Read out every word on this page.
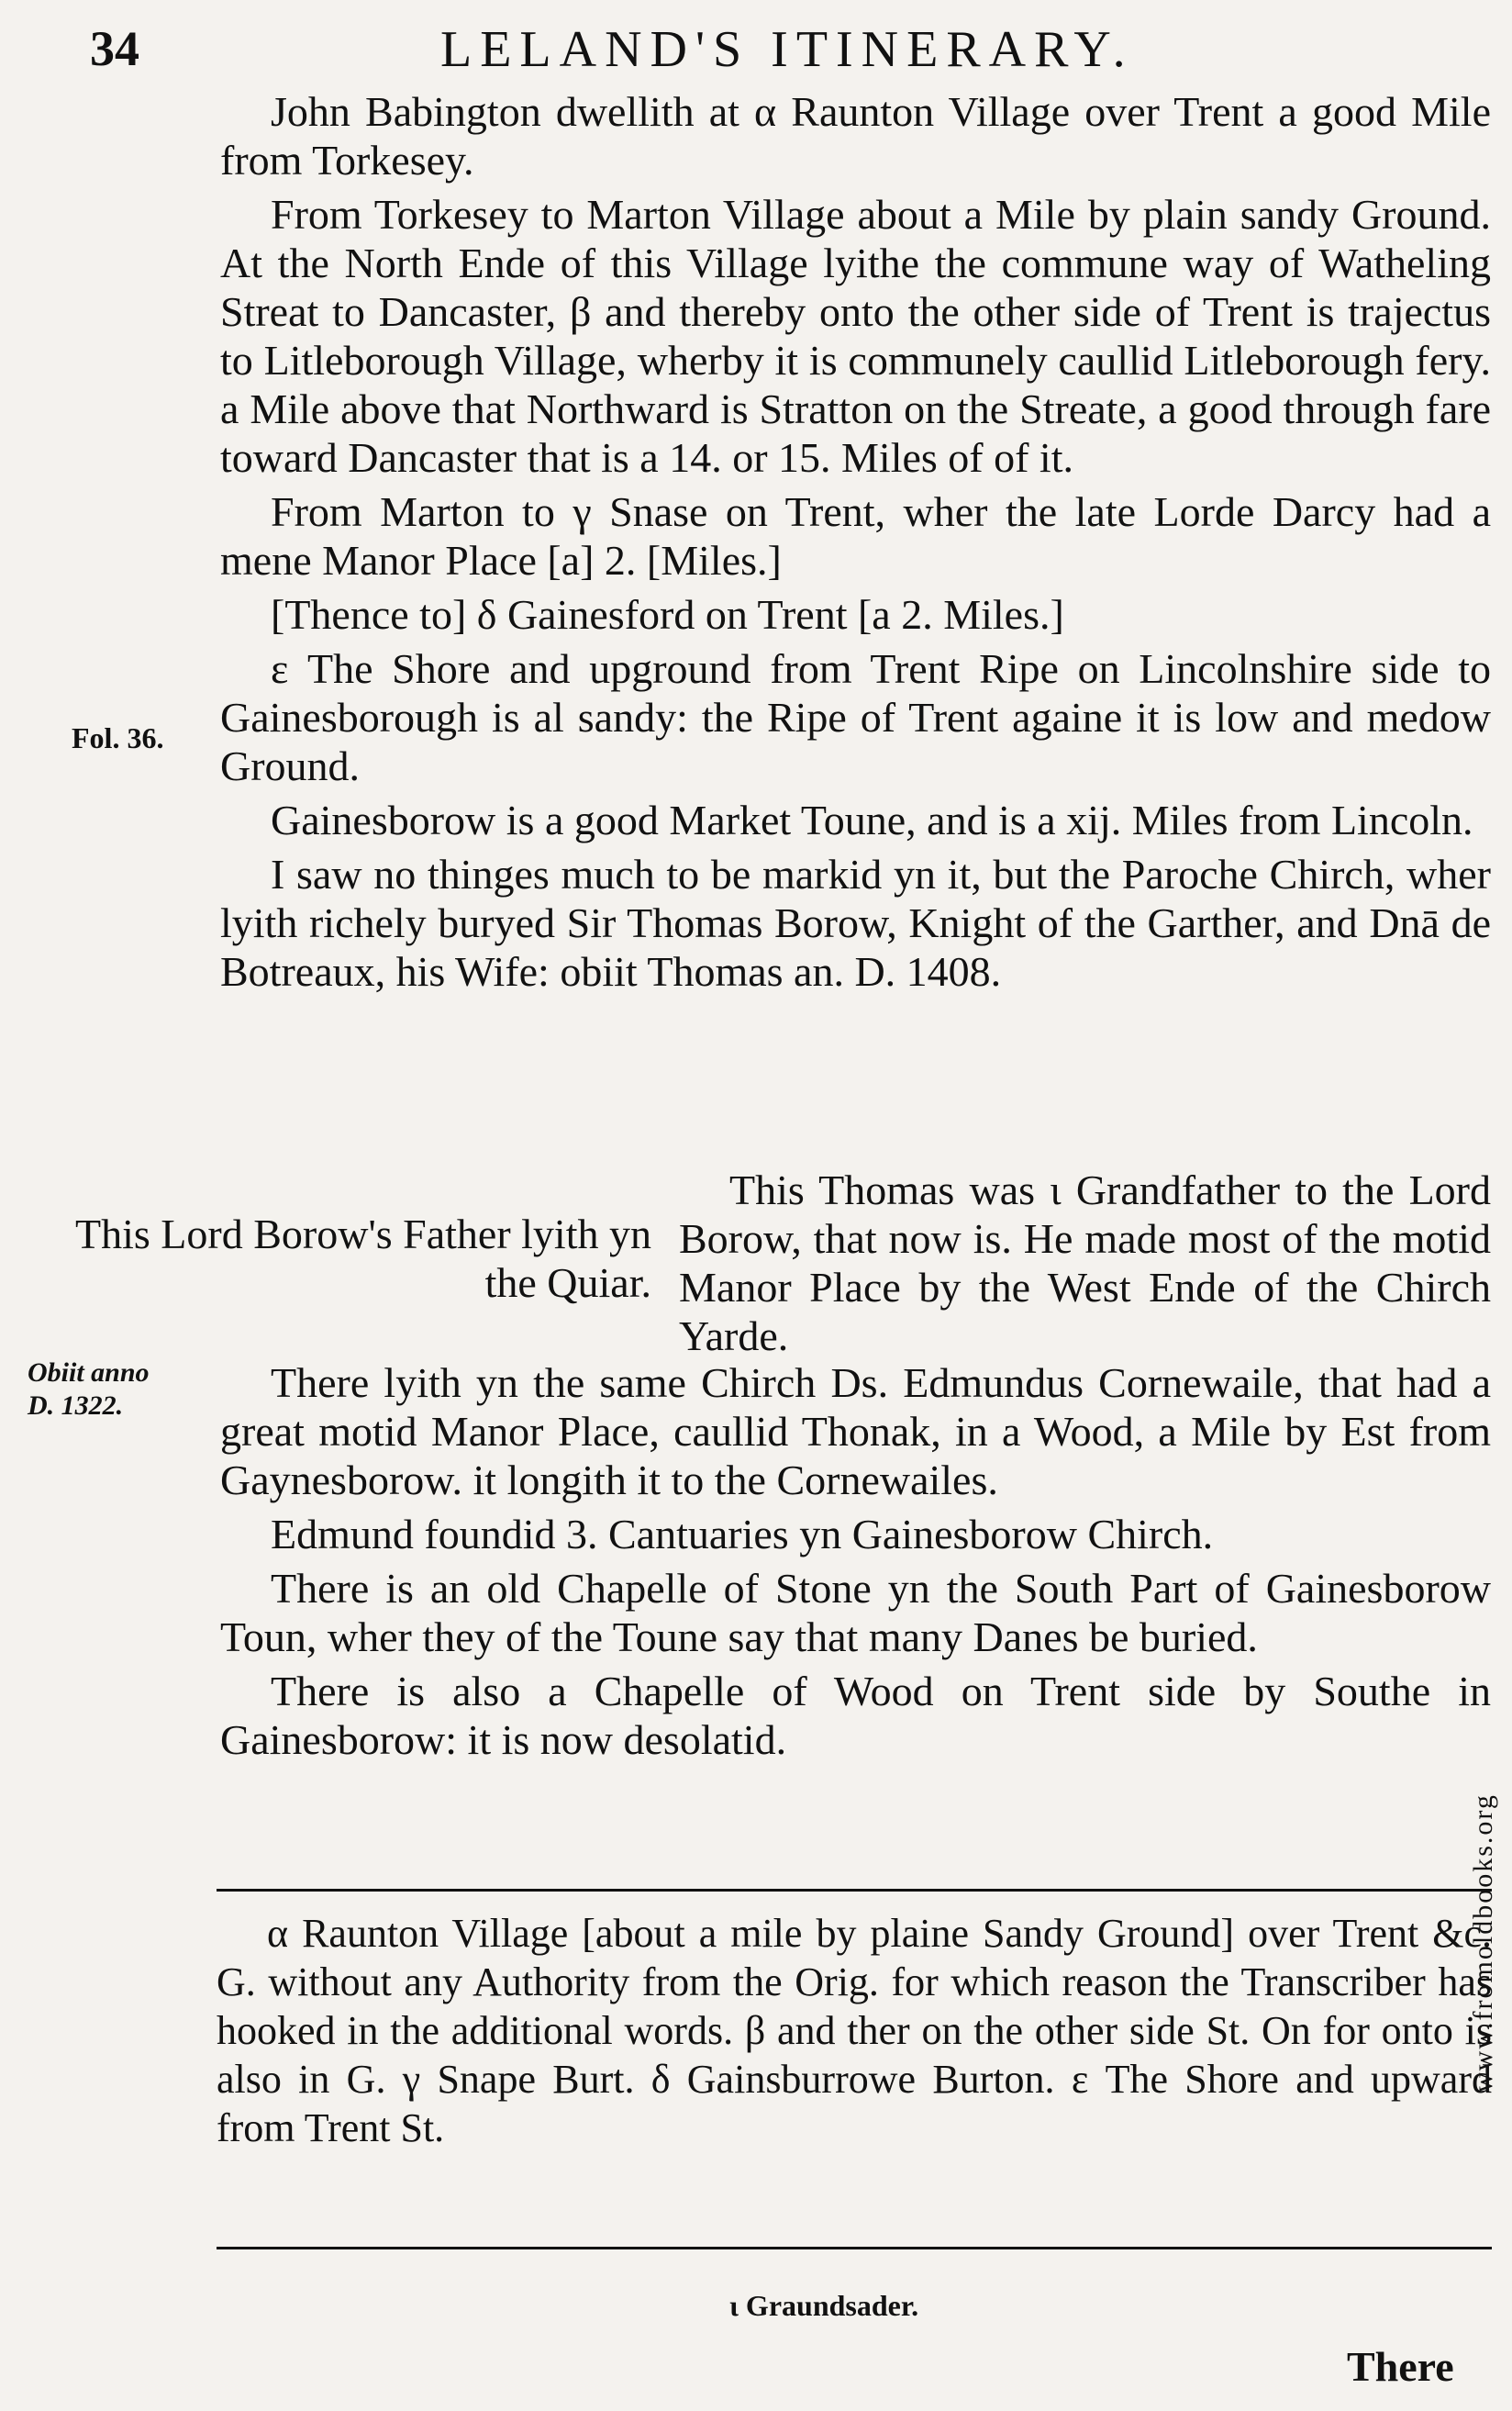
34	LELAND'S ITINERARY.

John Babington dwellith at α Raunton Village over Trent a good Mile from Torkesey.

From Torkesey to Marton Village about a Mile by plain sandy Ground. At the North Ende of this Village lyithe the commune way of Watheling Streat to Dancaster, β and thereby onto the other side of Trent is trajectus to Litleborough Village, wherby it is communely caullid Litleborough fery. a Mile above that Northward is Stratton on the Streate, a good through fare toward Dancaster that is a 14. or 15. Miles of of it.

From Marton to γ Snase on Trent, wher the late Lorde Darcy had a mene Manor Place [a] 2. [Miles.]

[Thence to] δ Gainesford on Trent [a 2. Miles.]

ε The Shore and upground from Trent Ripe on Lincolnshire side to Gainesborough is al sandy: the Ripe of Trent againe it is low and medow Ground.

Gainesborow is a good Market Toune, and is a xij. Miles from Lincoln.

I saw no thinges much to be markid yn it, but the Paroche Chirch, wher lyith richely buryed Sir Thomas Borow, Knight of the Garther, and Dnā de Botreaux, his Wife: obiit Thomas an. D. 1408.

Fol. 36.
This Lord Borow's Father lyith yn the Quiar.

This Thomas was ι Grandfather to the Lord Borow, that now is. He made most of the motid Manor Place by the West Ende of the Chirch Yarde.

Obiit anno
D. 1322.	There lyith yn the same Chirch Ds. Edmundus Cornewaile, that had a great motid Manor Place, caullid Thonak, in a Wood, a Mile by Est from Gaynesborow. it longith it to the Cornewailes.

Edmund foundid 3. Cantuaries yn Gainesborow Chirch.

There is an old Chapelle of Stone yn the South Part of Gainesborow Toun, wher they of the Toune say that many Danes be buried.

There is also a Chapelle of Wood on Trent side by Southe in Gainesborow: it is now desolatid.

α Raunton Village [about a mile by plaine Sandy Ground] over Trent &c. G. without any Authority from the Orig. for which reason the Transcriber has hooked in the additional words. β and ther on the other side St. On for onto is also in G. γ Snape Burt. δ Gainsburrowe Burton. ε The Shore and upward from Trent St.

ι Graundsader.
There
www.fromoldbooks.org
